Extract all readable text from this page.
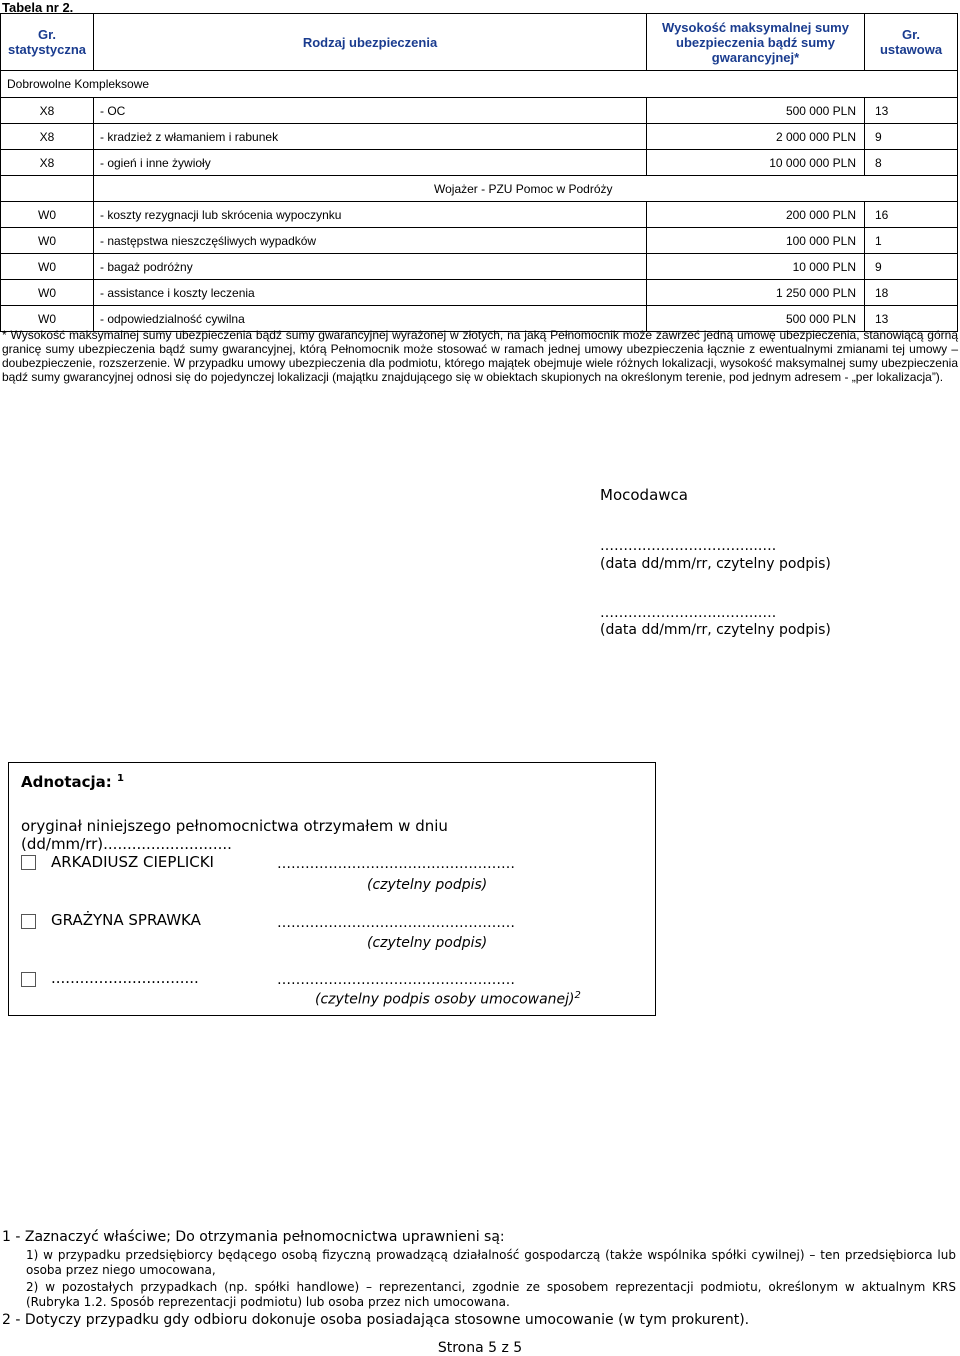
Tabela nr 2.
Gr. statystyczna	Rodzaj ubezpieczenia	Wysokość maksymalnej sumy ubezpieczenia bądź sumy gwarancyjnej*	Gr. ustawowa
Dobrowolne Kompleksowe			
X8	- OC	500 000 PLN	13
X8	- kradzież z włamaniem i rabunek	2 000 000 PLN	9
X8	- ogień i inne żywioły	10 000 000 PLN	8
	Wojażer - PZU Pomoc w Podróży		
W0	- koszty rezygnacji lub skrócenia wypoczynku	200 000 PLN	16
W0	- następstwa nieszczęśliwych wypadków	100 000 PLN	1
W0	- bagaż podróżny	10 000 PLN	9
W0	- assistance i koszty leczenia	1 250 000 PLN	18
W0	- odpowiedzialność cywilna	500 000 PLN	13
* Wysokość maksymalnej sumy ubezpieczenia bądź sumy gwarancyjnej wyrażonej w złotych, na jaką Pełnomocnik może zawrzeć jedną umowę ubezpieczenia, stanowiącą górną granicę sumy ubezpieczenia bądź sumy gwarancyjnej, którą Pełnomocnik może stosować w ramach jednej umowy ubezpieczenia łącznie z ewentualnymi zmianami tej umowy – doubezpieczenie, rozszerzenie. W przypadku umowy ubezpieczenia dla podmiotu, którego majątek obejmuje wiele różnych lokalizacji, wysokość maksymalnej sumy ubezpieczenia bądź sumy gwarancyjnej odnosi się do pojedynczej lokalizacji (majątku znajdującego się w obiektach skupionych na określonym terenie, pod jednym adresem - „per lokalizacja”).
Mocodawca
……….…………………...….
(data dd/mm/rr, czytelny podpis)
……………………..……..….
(data dd/mm/rr, czytelny podpis)
Adnotacja: $^1$
oryginał niniejszego pełnomocnictwa otrzymałem w dniu (dd/mm/rr)...........................
ARKADIUSZ CIEPLICKI	……………………………………………
(czytelny podpis)
GRAŻYNA SPRAWKA	……………………………………………
(czytelny podpis)
...............................	……………………………………………
(czytelny podpis osoby umocowanej)$^2$
1 - Zaznaczyć właściwe; Do otrzymania pełnomocnictwa uprawnieni są:
1) w przypadku przedsiębiorcy będącego osobą fizyczną prowadzącą działalność gospodarczą (także wspólnika spółki cywilnej) – ten przedsiębiorca lub osoba przez niego umocowana,
2) w pozostałych przypadkach (np. spółki handlowe) – reprezentanci, zgodnie ze sposobem reprezentacji podmiotu, określonym w aktualnym KRS (Rubryka 1.2. Sposób reprezentacji podmiotu) lub osoba przez nich umocowana.
2 - Dotyczy przypadku gdy odbioru dokonuje osoba posiadająca stosowne umocowanie (w tym prokurent).
Strona 5 z 5
